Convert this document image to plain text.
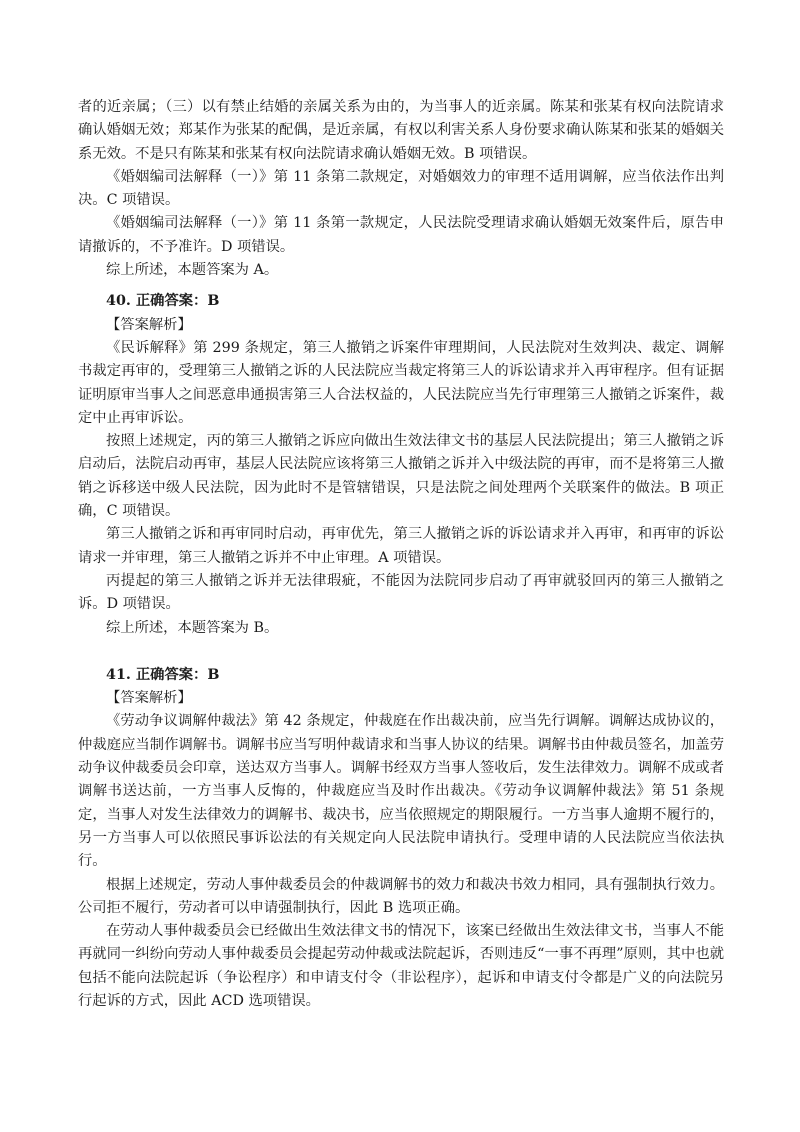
者的近亲属；（三）以有禁止结婚的亲属关系为由的，为当事人的近亲属。陈某和张某有权向法院请求确认婚姻无效；郑某作为张某的配偶，是近亲属，有权以利害关系人身份要求确认陈某和张某的婚姻关系无效。不是只有陈某和张某有权向法院请求确认婚姻无效。B 项错误。

《婚姻编司法解释（一）》第 11 条第二款规定，对婚姻效力的审理不适用调解，应当依法作出判决。C 项错误。

《婚姻编司法解释（一）》第 11 条第一款规定，人民法院受理请求确认婚姻无效案件后，原告申请撤诉的，不予准许。D 项错误。

综上所述，本题答案为 A。

40. 正确答案：B
【答案解析】

《民诉解释》第 299 条规定，第三人撤销之诉案件审理期间，人民法院对生效判决、裁定、调解书裁定再审的，受理第三人撤销之诉的人民法院应当裁定将第三人的诉讼请求并入再审程序。但有证据证明原审当事人之间恶意串通损害第三人合法权益的，人民法院应当先行审理第三人撤销之诉案件，裁定中止再审诉讼。

按照上述规定，丙的第三人撤销之诉应向做出生效法律文书的基层人民法院提出；第三人撤销之诉启动后，法院启动再审，基层人民法院应该将第三人撤销之诉并入中级法院的再审，而不是将第三人撤销之诉移送中级人民法院，因为此时不是管辖错误，只是法院之间处理两个关联案件的做法。B 项正确，C 项错误。

第三人撤销之诉和再审同时启动，再审优先，第三人撤销之诉的诉讼请求并入再审，和再审的诉讼请求一并审理，第三人撤销之诉并不中止审理。A 项错误。

丙提起的第三人撤销之诉并无法律瑕疵，不能因为法院同步启动了再审就驳回丙的第三人撤销之诉。D 项错误。

综上所述，本题答案为 B。

41. 正确答案：B
【答案解析】

《劳动争议调解仲裁法》第 42 条规定，仲裁庭在作出裁决前，应当先行调解。调解达成协议的，仲裁庭应当制作调解书。调解书应当写明仲裁请求和当事人协议的结果。调解书由仲裁员签名，加盖劳动争议仲裁委员会印章，送达双方当事人。调解书经双方当事人签收后，发生法律效力。调解不成或者调解书送达前，一方当事人反悔的，仲裁庭应当及时作出裁决。《劳动争议调解仲裁法》第 51 条规定，当事人对发生法律效力的调解书、裁决书，应当依照规定的期限履行。一方当事人逾期不履行的，另一方当事人可以依照民事诉讼法的有关规定向人民法院申请执行。受理申请的人民法院应当依法执行。

根据上述规定，劳动人事仲裁委员会的仲裁调解书的效力和裁决书效力相同，具有强制执行效力。公司拒不履行，劳动者可以申请强制执行，因此 B 选项正确。

在劳动人事仲裁委员会已经做出生效法律文书的情况下，该案已经做出生效法律文书，当事人不能再就同一纠纷向劳动人事仲裁委员会提起劳动仲裁或法院起诉，否则违反“一事不再理”原则，其中也就包括不能向法院起诉（争讼程序）和申请支付令（非讼程序），起诉和申请支付令都是广义的向法院另行起诉的方式，因此 ACD 选项错误。
